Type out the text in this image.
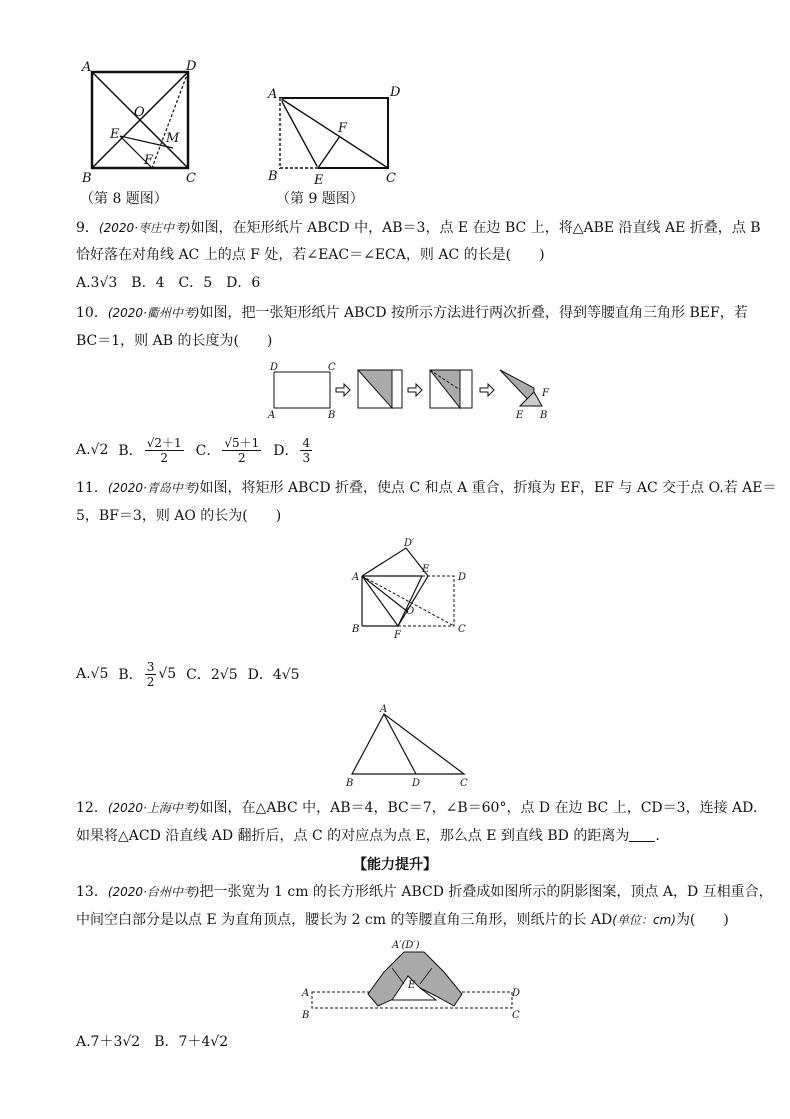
A	D
O
E	M
F
B	C
（第 8 题图）
A	D
F
B	E	C
（第 9 题图）
9．(2020·枣庄中考)如图，在矩形纸片 ABCD 中，AB＝3，点 E 在边 BC 上，将△ABE 沿直线 AE 折叠，点 B
恰好落在对角线 AC 上的点 F 处，若∠EAC＝∠ECA，则 AC 的长是(　　)
A.3√3　B．4　C．5　D．6
10．(2020·衢州中考)如图，把一张矩形纸片 ABCD 按所示方法进行两次折叠，得到等腰直角三角形 BEF，若
BC＝1，则 AB 的长度为(　　)
D	C
A	B
F
E B
A.√2 B． $\frac{√2+1}{2}$ C． $\frac{√5+1}{2}$ D． $\frac{4}{3}$
11．(2020·青岛中考)如图，将矩形 ABCD 折叠，使点 C 和点 A 重合，折痕为 EF，EF 与 AC 交于点 O.若 AE＝
5，BF＝3，则 AO 的长为(　　)
D′
A
E
D
O
B
F
C
A.√5 B． $\frac{3}{2} √5$ C．2√5 D．4√5
A
B	D	C
12．(2020·上海中考)如图，在△ABC 中，AB＝4，BC＝7，∠B＝60°，点 D 在边 BC 上，CD＝3，连接 AD.
如果将△ACD 沿直线 AD 翻折后，点 C 的对应点为点 E，那么点 E 到直线 BD 的距离为 .
【能力提升】
13．(2020·台州中考)把一张宽为 1 cm 的长方形纸片 ABCD 折叠成如图所示的阴影图案，顶点 A，D 互相重合，
中间空白部分是以点 E 为直角顶点，腰长为 2 cm 的等腰直角三角形，则纸片的长 AD(单位：cm)为(　　)
A′(D′)
E
A
B
D
C
A.7＋3√2　B．7＋4√2
